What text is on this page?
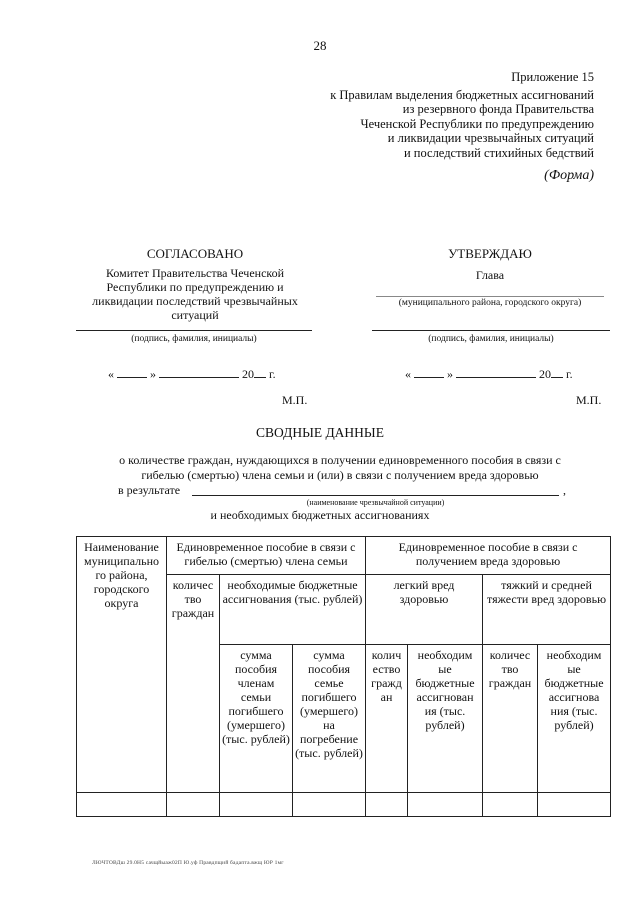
28
Приложение 15
к Правилам выделения бюджетных ассигнований
из резервного фонда Правительства
Чеченской Республики по предупреждению
и ликвидации чрезвычайных ситуаций
и последствий стихийных бедствий
(Форма)
СОГЛАСОВАНО
Комитет Правительства Чеченской
Республики по предупреждению и
ликвидации последствий чрезвычайных
ситуаций
(подпись, фамилия, инициалы)
«	»	20 г.
М.П.
УТВЕРЖДАЮ
Глава
(муниципального района, городского округа)
(подпись, фамилия, инициалы)
«	»	20 г.
М.П.
СВОДНЫЕ ДАННЫЕ
о количестве граждан, нуждающихся в получении единовременного пособия в связи с
гибелью (смертью) члена семьи и (или) в связи с получением вреда здоровью
в результате	,
(наименование чрезвычайной ситуации)
и необходимых бюджетных ассигнованиях
Наименование муниципально го района, городского округа	Единовременное пособие в связи с гибелью (смертью) члена семьи			Единовременное пособие в связи с получением вреда здоровью			
	количес тво граждан	необходимые бюджетные ассигнования (тыс. рублей)		легкий вред здоровью		тяжкий и средней тяжести вред здоровью	
		сумма пособия членам семьи погибшего (умершего) (тыс. рублей)	сумма пособия семье погибшего (умершего) на погребение (тыс. рублей)	колич ество гражд ан	необходим ые бюджетные ассигнован ия (тыс. рублей)	количес тво граждан	необходим ые бюджетные ассигнова ния (тыс. рублей)

ЛЮЧТОВДш 29.0Н5 сачщйыаж02П Ю.уф Правдпщий бадапта.вжщ ЮР 1мг
